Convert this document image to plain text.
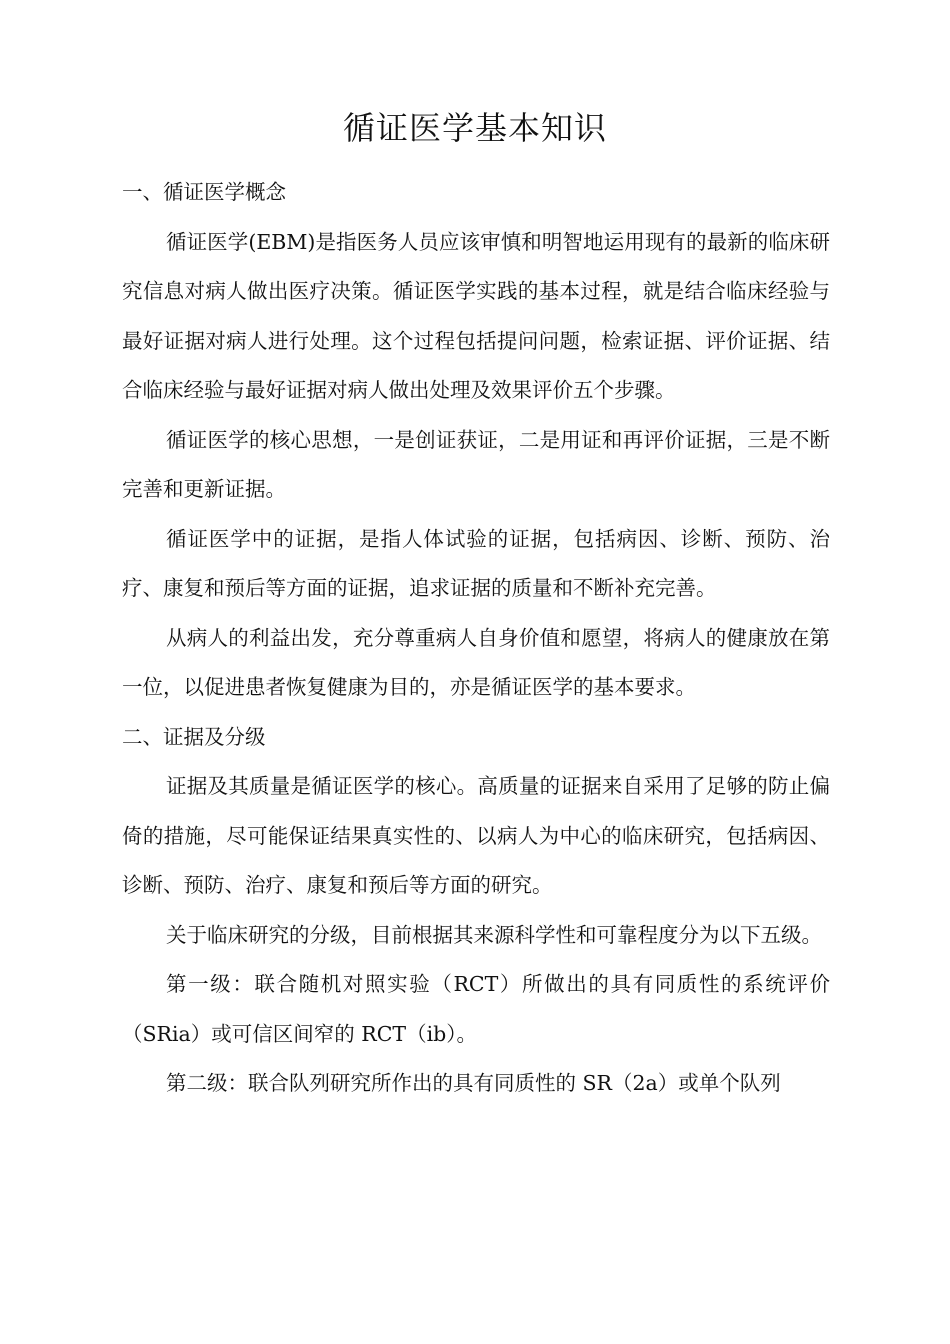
循证医学基本知识
一、循证医学概念

循证医学(EBM)是指医务人员应该审慎和明智地运用现有的最新的临床研究信息对病人做出医疗决策。循证医学实践的基本过程，就是结合临床经验与最好证据对病人进行处理。这个过程包括提问问题，检索证据、评价证据、结合临床经验与最好证据对病人做出处理及效果评价五个步骤。

循证医学的核心思想，一是创证获证，二是用证和再评价证据，三是不断完善和更新证据。

循证医学中的证据，是指人体试验的证据，包括病因、诊断、预防、治疗、康复和预后等方面的证据，追求证据的质量和不断补充完善。

从病人的利益出发，充分尊重病人自身价值和愿望，将病人的健康放在第一位，以促进患者恢复健康为目的，亦是循证医学的基本要求。

二、证据及分级

证据及其质量是循证医学的核心。高质量的证据来自采用了足够的防止偏倚的措施，尽可能保证结果真实性的、以病人为中心的临床研究，包括病因、诊断、预防、治疗、康复和预后等方面的研究。

关于临床研究的分级，目前根据其来源科学性和可靠程度分为以下五级。

第一级：联合随机对照实验（RCT）所做出的具有同质性的系统评价（SRia）或可信区间窄的 RCT（ib）。

第二级：联合队列研究所作出的具有同质性的 SR（2a）或单个队列
